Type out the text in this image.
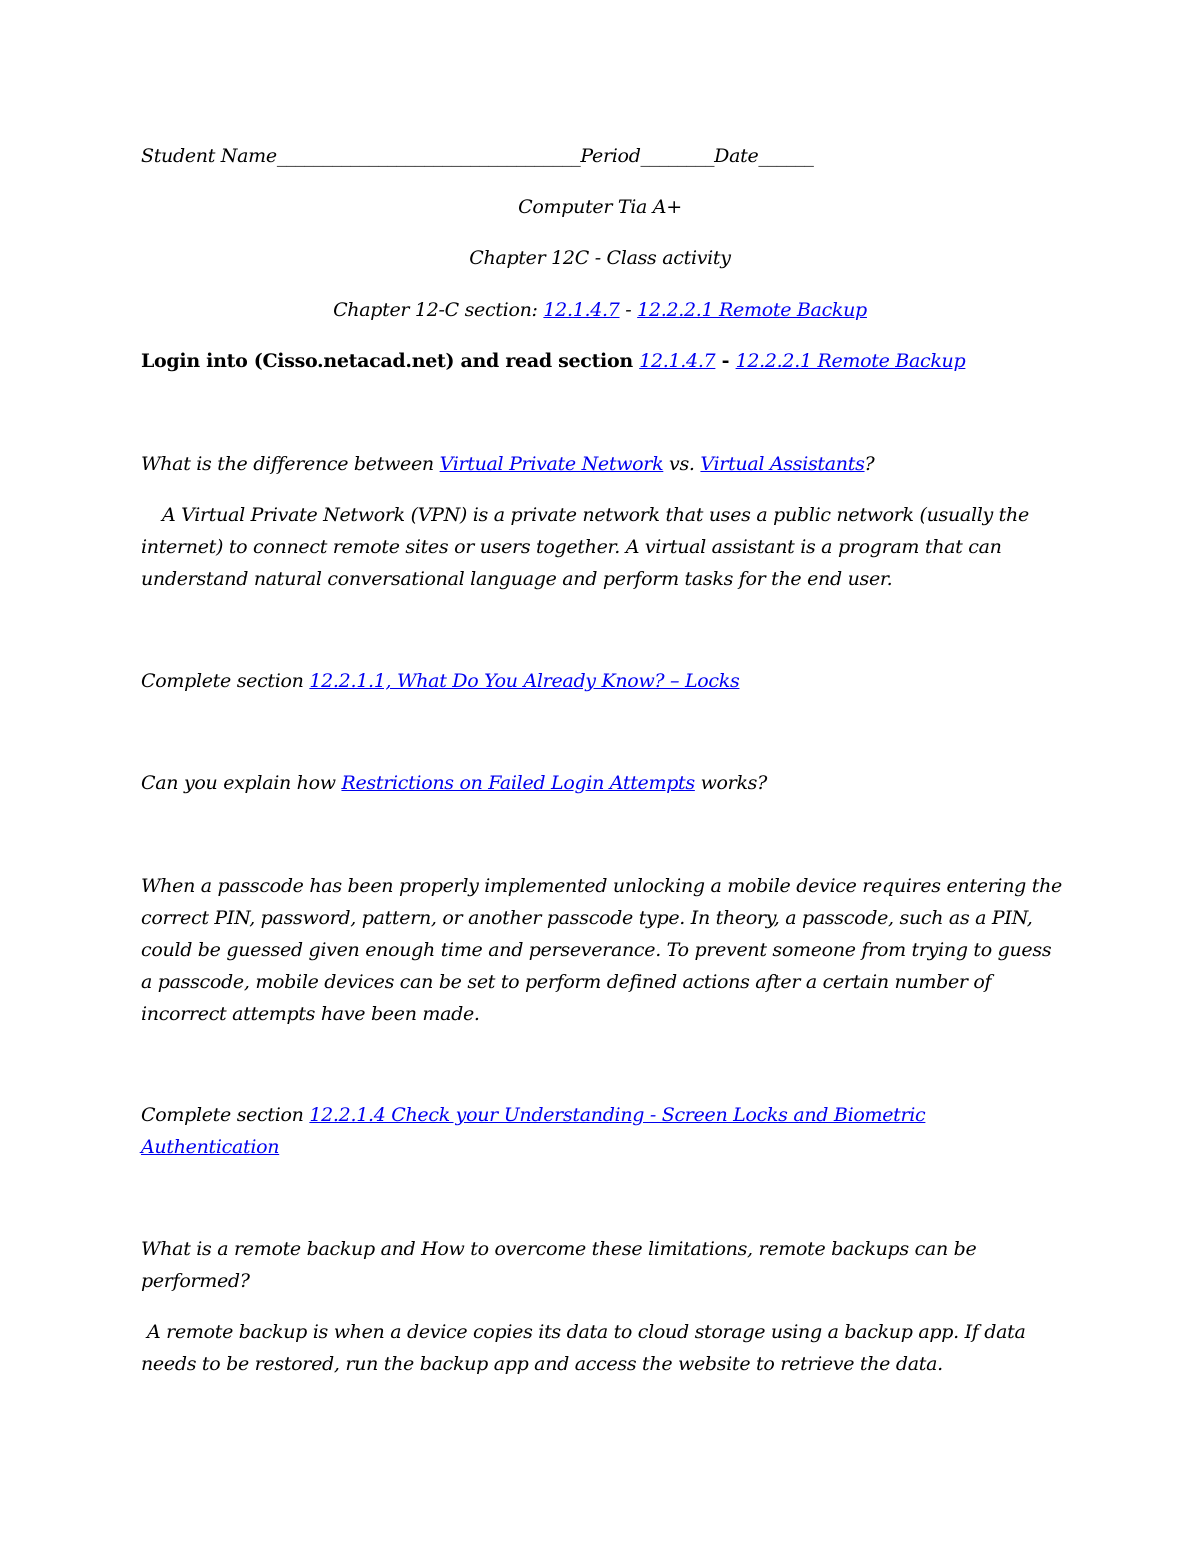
Student Name_________________________________Period________Date______
Computer Tia A+
Chapter 12C - Class activity
Chapter 12-C section: 12.1.4.7 - 12.2.2.1 Remote Backup
Login into (Cisso.netacad.net) and read section 12.1.4.7 - 12.2.2.1 Remote Backup
What is the difference between Virtual Private Network vs. Virtual Assistants?
A Virtual Private Network (VPN) is a private network that uses a public network (usually the internet) to connect remote sites or users together. A virtual assistant is a program that can understand natural conversational language and perform tasks for the end user.
Complete section 12.2.1.1, What Do You Already Know? – Locks
Can you explain how Restrictions on Failed Login Attempts works?
When a passcode has been properly implemented unlocking a mobile device requires entering the correct PIN, password, pattern, or another passcode type. In theory, a passcode, such as a PIN, could be guessed given enough time and perseverance. To prevent someone from trying to guess a passcode, mobile devices can be set to perform defined actions after a certain number of incorrect attempts have been made.
Complete section 12.2.1.4 Check your Understanding - Screen Locks and Biometric
Authentication
What is a remote backup and How to overcome these limitations, remote backups can be performed?
A remote backup is when a device copies its data to cloud storage using a backup app. If data needs to be restored, run the backup app and access the website to retrieve the data.
